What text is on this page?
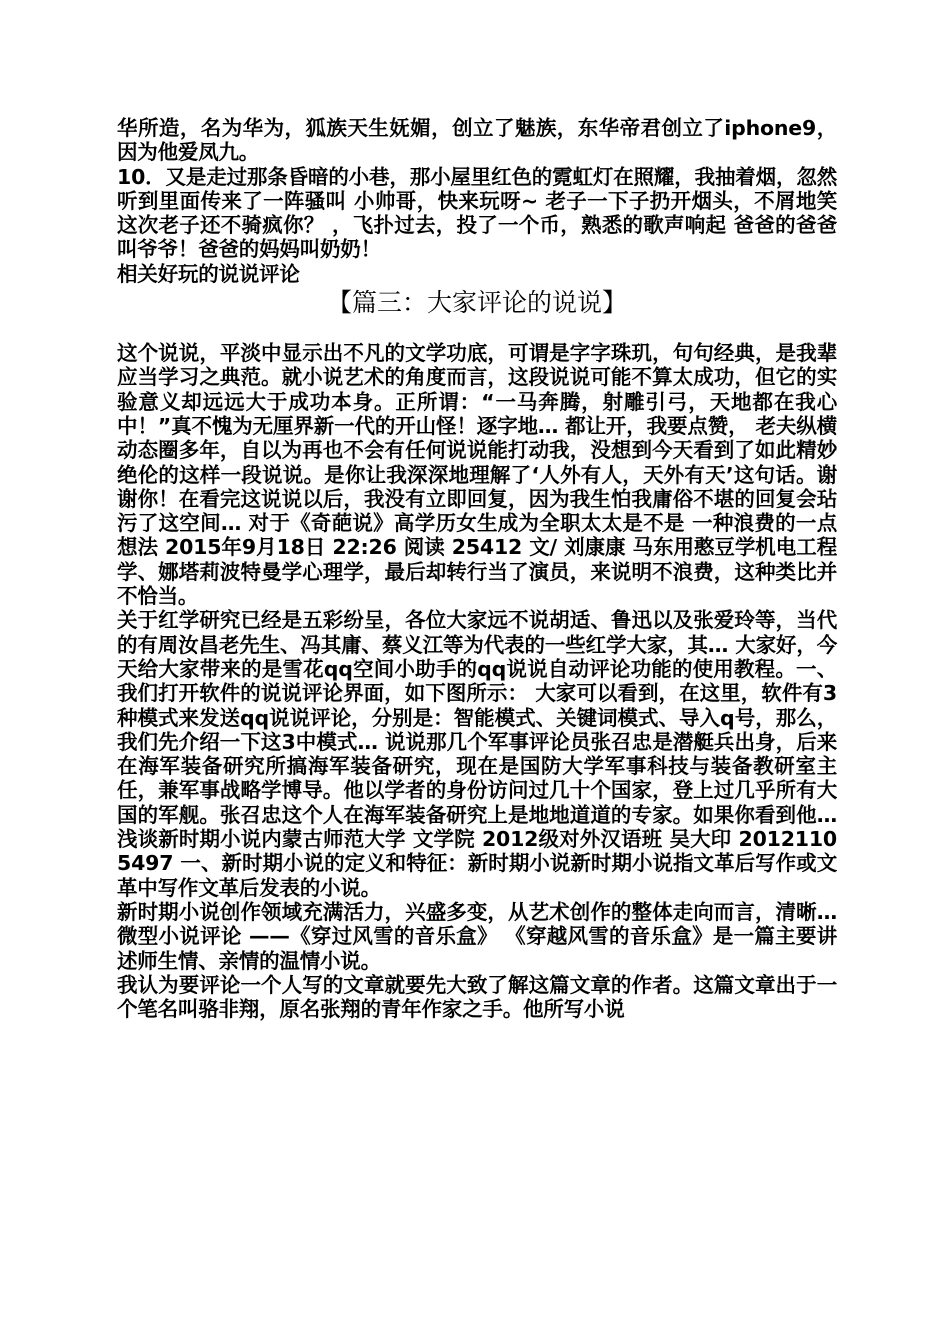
华所造，名为华为，狐族天生妩媚，创立了魅族，东华帝君创立了iphone9，因为他爱凤九。

10．又是走过那条昏暗的小巷，那小屋里红色的霓虹灯在照耀，我抽着烟，忽然听到里面传来了一阵骚叫 小帅哥，快来玩呀~ 老子一下子扔开烟头，不屑地笑 这次老子还不骑疯你？ ，飞扑过去，投了一个币，熟悉的歌声响起 爸爸的爸爸叫爷爷！爸爸的妈妈叫奶奶！

相关好玩的说说评论

【篇三：大家评论的说说】

这个说说，平淡中显示出不凡的文学功底，可谓是字字珠玑，句句经典，是我辈应当学习之典范。就小说艺术的角度而言，这段说说可能不算太成功，但它的实验意义却远远大于成功本身。正所谓：“一马奔腾，射雕引弓，天地都在我心中！”真不愧为无厘界新一代的开山怪！逐字地… 都让开，我要点赞， 老夫纵横动态圈多年，自以为再也不会有任何说说能打动我，没想到今天看到了如此精妙绝伦的这样一段说说。是你让我深深地理解了‘人外有人，天外有天’这句话。谢谢你！在看完这说说以后，我没有立即回复，因为我生怕我庸俗不堪的回复会玷污了这空间… 对于《奇葩说》高学历女生成为全职太太是不是 一种浪费的一点想法 2015年9月18日 22:26 阅读 25412 文/ 刘康康 马东用憨豆学机电工程学、娜塔莉波特曼学心理学，最后却转行当了演员，来说明不浪费，这种类比并不恰当。

关于红学研究已经是五彩纷呈，各位大家远不说胡适、鲁迅以及张爱玲等，当代的有周汝昌老先生、冯其庸、蔡义江等为代表的一些红学大家，其… 大家好，今天给大家带来的是雪花qq空间小助手的qq说说自动评论功能的使用教程。一、我们打开软件的说说评论界面，如下图所示： 大家可以看到，在这里，软件有3种模式来发送qq说说评论，分别是：智能模式、关键词模式、导入q号，那么，我们先介绍一下这3中模式… 说说那几个军事评论员张召忠是潜艇兵出身，后来在海军装备研究所搞海军装备研究，现在是国防大学军事科技与装备教研室主任，兼军事战略学博导。他以学者的身份访问过几十个国家，登上过几乎所有大国的军舰。张召忠这个人在海军装备研究上是地地道道的专家。如果你看到他… 浅谈新时期小说内蒙古师范大学 文学院 2012级对外汉语班 吴大印 20121105497 一、新时期小说的定义和特征：新时期小说新时期小说指文革后写作或文革中写作文革后发表的小说。

新时期小说创作领域充满活力，兴盛多变，从艺术创作的整体走向而言，清晰… 微型小说评论 ——《穿过风雪的音乐盒》 《穿越风雪的音乐盒》是一篇主要讲述师生情、亲情的温情小说。

我认为要评论一个人写的文章就要先大致了解这篇文章的作者。这篇文章出于一个笔名叫骆非翔，原名张翔的青年作家之手。他所写小说
